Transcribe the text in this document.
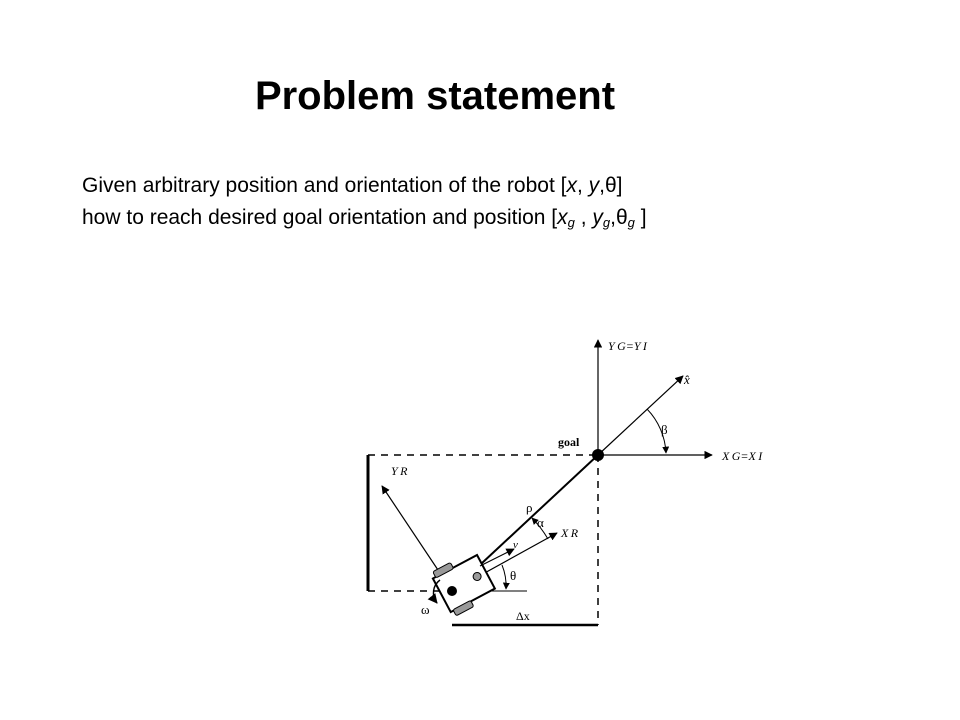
Problem statement
Given arbitrary position and orientation of the robot [x, y,θ]
how to reach desired goal orientation and position [$x_g$ , $y_g,\theta_g$ ]
Y G=Y I
X G=X I
x̂
goal
β
ρ
α
X R
Y R
v
θ
ω	Δx
